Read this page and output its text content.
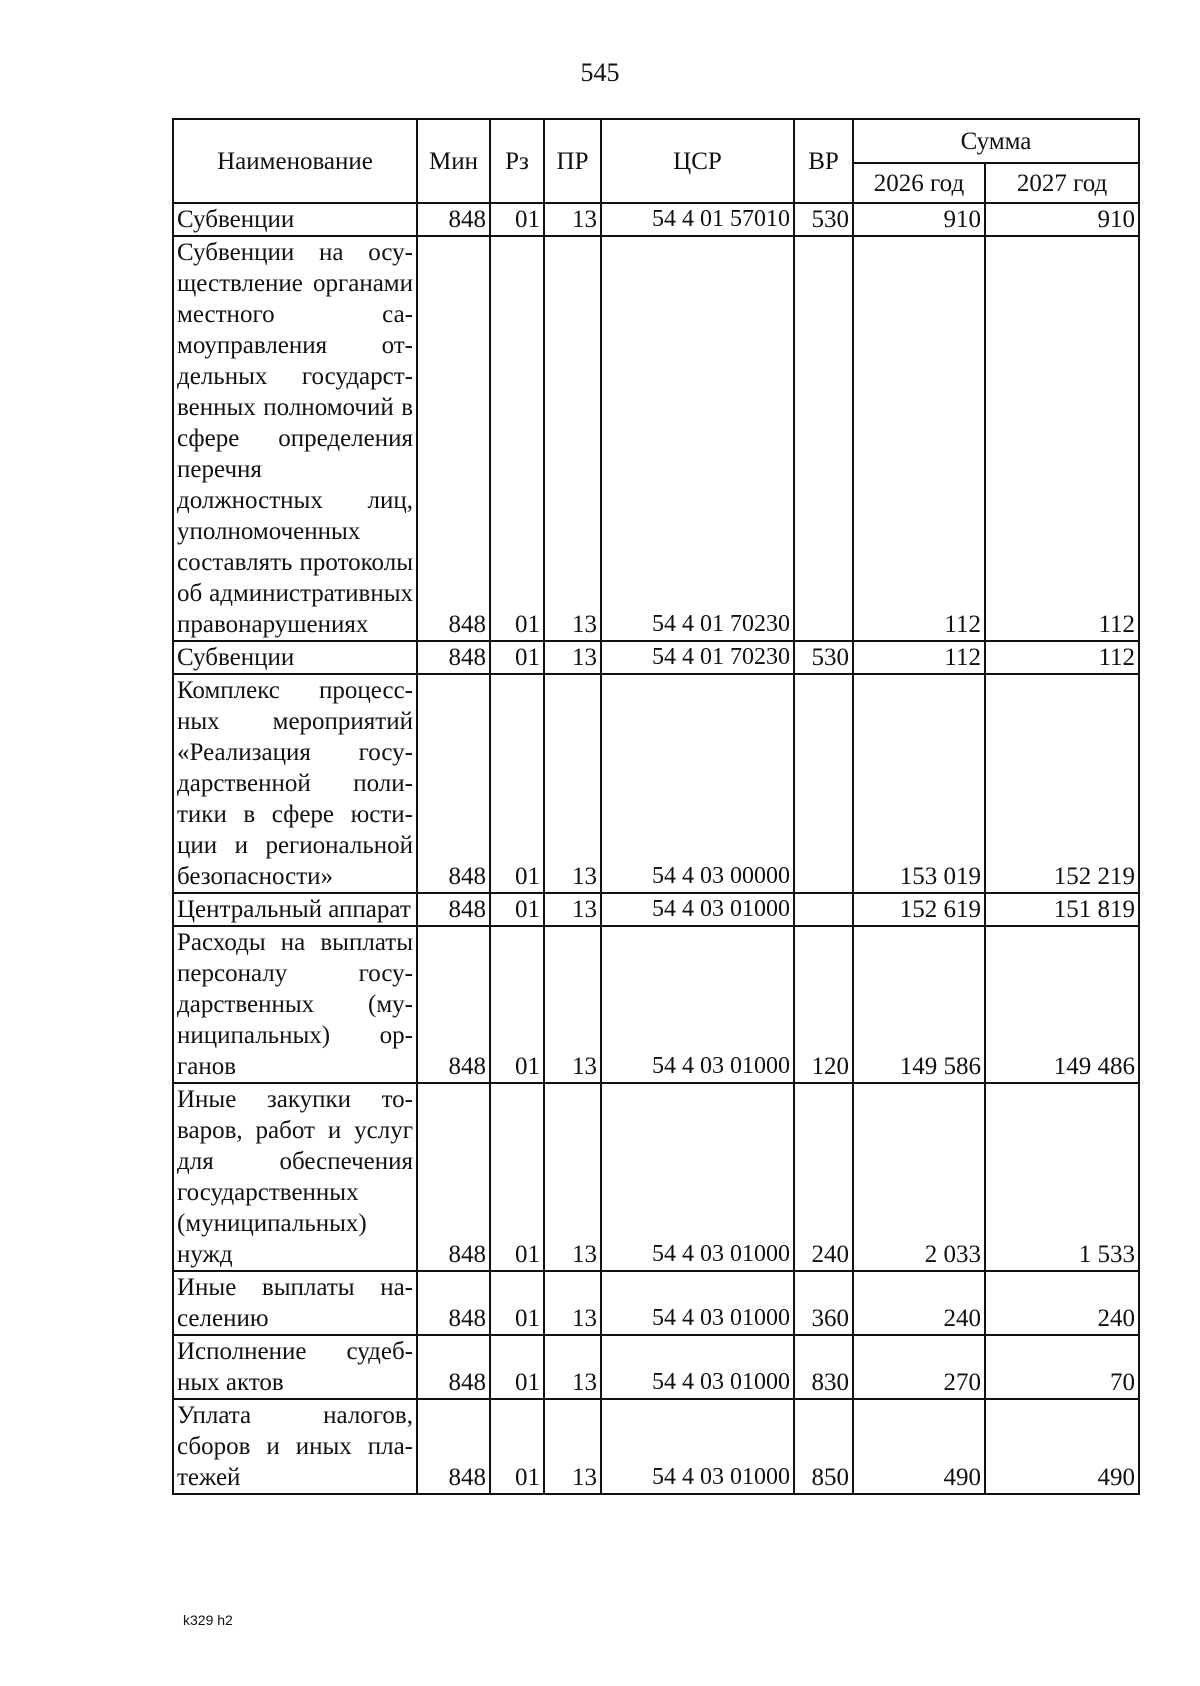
545
Наименование	Мин	Рз	ПР	ЦСР	ВР	Сумма	
						2026 год	2027 год
Субвенции	848	01	13	54 4 01 57010	530	910	910
Субвенции на осуществление органами местного самоуправления отдельных государственных полномочий в сфере определения перечня должностных лиц, уполномоченных составлять протоколы об административных правонарушениях	848	01	13	54 4 01 70230		112	112
Субвенции	848	01	13	54 4 01 70230	530	112	112
Комплекс процессных мероприятий «Реализация государственной политики в сфере юстиции и региональной безопасности»	848	01	13	54 4 03 00000		153 019	152 219
Центральный аппарат	848	01	13	54 4 03 01000		152 619	151 819
Расходы на выплаты персоналу государственных (муниципальных) органов	848	01	13	54 4 03 01000	120	149 586	149 486
Иные закупки товаров, работ и услуг для обеспечения государственных (муниципальных) нужд	848	01	13	54 4 03 01000	240	2 033	1 533
Иные выплаты населению	848	01	13	54 4 03 01000	360	240	240
Исполнение судебных актов	848	01	13	54 4 03 01000	830	270	70
Уплата налогов, сборов и иных платежей	848	01	13	54 4 03 01000	850	490	490
k329 h2
